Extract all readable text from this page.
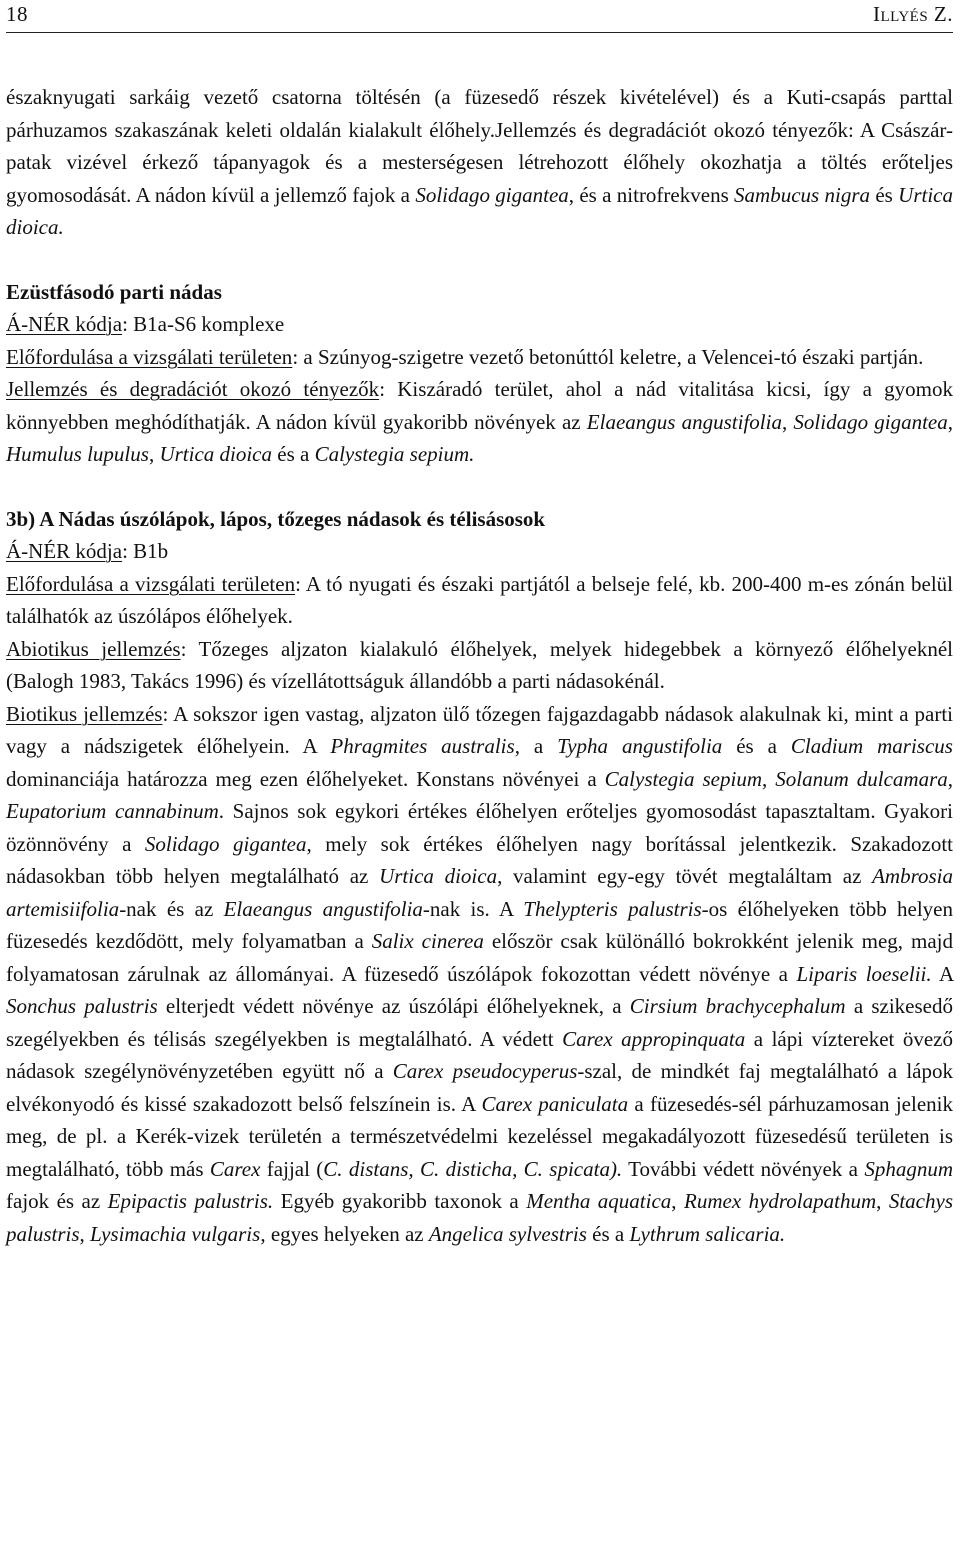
18	Illyés Z.

északnyugati sarkáig vezető csatorna töltésén (a füzesedő részek kivételével) és a Kuti-csapás parttal párhuzamos szakaszának keleti oldalán kialakult élőhely.Jellemzés és degradációt okozó tényezők: A Császár-patak vizével érkező tápanyagok és a mesterségesen létrehozott élőhely okozhatja a töltés erőteljes gyomosodását. A nádon kívül a jellemző fajok a Solidago gigantea, és a nitrofrekvens Sambucus nigra és Urtica dioica.

Ezüstfásodó parti nádas

Á-NÉR kódja: B1a-S6 komplexe

Előfordulása a vizsgálati területen: a Szúnyog-szigetre vezető betonúttól keletre, a Velencei-tó északi partján.

Jellemzés és degradációt okozó tényezők: Kiszáradó terület, ahol a nád vitalitása kicsi, így a gyomok könnyebben meghódíthatják. A nádon kívül gyakoribb növények az Elaeangus angustifolia, Solidago gigantea, Humulus lupulus, Urtica dioica és a Calystegia sepium.

3b) A Nádas úszólápok, lápos, tőzeges nádasok és télisásosok

Á-NÉR kódja: B1b

Előfordulása a vizsgálati területen: A tó nyugati és északi partjától a belseje felé, kb. 200-400 m-es zónán belül találhatók az úszólápos élőhelyek.

Abiotikus jellemzés: Tőzeges aljzaton kialakuló élőhelyek, melyek hidegebbek a környező élőhelyeknél (Balogh 1983, Takács 1996) és vízellátottságuk állandóbb a parti nádasokénál.

Biotikus jellemzés: A sokszor igen vastag, aljzaton ülő tőzegen fajgazdagabb nádasok alakulnak ki, mint a parti vagy a nádszigetek élőhelyein. A Phragmites australis, a Typha angustifolia és a Cladium mariscus dominanciája határozza meg ezen élőhelyeket. Konstans növényei a Calystegia sepium, Solanum dulcamara, Eupatorium cannabinum. Sajnos sok egykori értékes élőhelyen erőteljes gyomosodást tapasztaltam. Gyakori özönnövény a Solidago gigantea, mely sok értékes élőhelyen nagy borítással jelentkezik. Szakadozott nádasokban több helyen megtalálható az Urtica dioica, valamint egy-egy tövét megtaláltam az Ambrosia artemisiifolia-nak és az Elaeangus angustifolia-nak is. A Thelypteris palustris-os élőhelyeken több helyen füzesedés kezdődött, mely folyamatban a Salix cinerea először csak különálló bokrokként jelenik meg, majd folyamatosan zárulnak az állományai. A füzesedő úszólápok fokozottan védett növénye a Liparis loeselii. A Sonchus palustris elterjedt védett növénye az úszólápi élőhelyeknek, a Cirsium brachycephalum a szikesedő szegélyekben és télisás szegélyekben is megtalálható. A védett Carex appropinquata a lápi víztereket övező nádasok szegélynövényzetében együtt nő a Carex pseudocyperus-szal, de mindkét faj megtalálható a lápok elvékonyodó és kissé szakadozott belső felszínein is. A Carex paniculata a füzesedés-sél párhuzamosan jelenik meg, de pl. a Kerék-vizek területén a természetvédelmi kezeléssel megakadályozott füzesedésű területen is megtalálható, több más Carex fajjal (C. distans, C. disticha, C. spicata). További védett növények a Sphagnum fajok és az Epipactis palustris. Egyéb gyakoribb taxonok a Mentha aquatica, Rumex hydrolapathum, Stachys palustris, Lysimachia vulgaris, egyes helyeken az Angelica sylvestris és a Lythrum salicaria.
